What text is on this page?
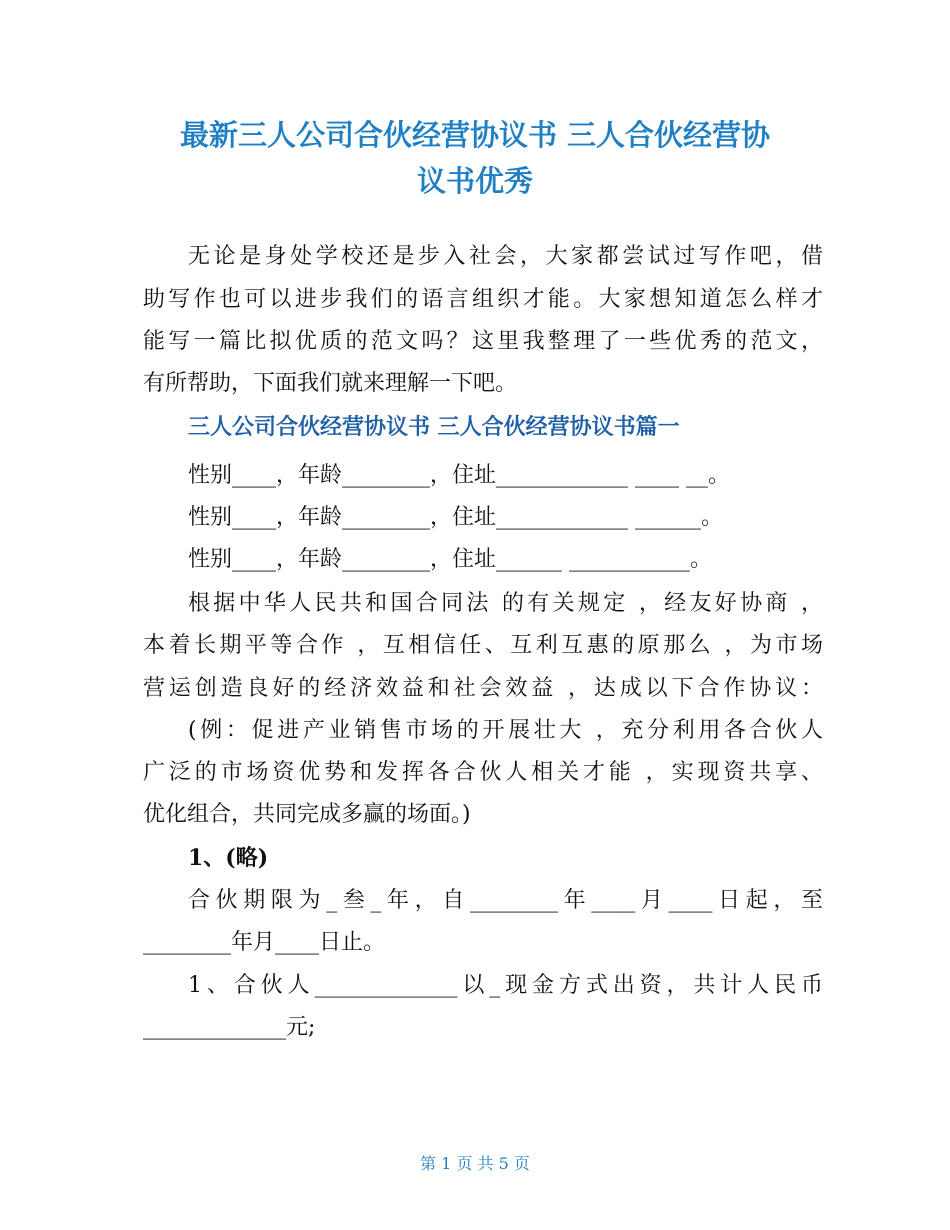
最新三人公司合伙经营协议书 三人合伙经营协
议书优秀

无论是身处学校还是步入社会，大家都尝试过写作吧，借

助写作也可以进步我们的语言组织才能。大家想知道怎么样才

能写一篇比拟优质的范文吗？这里我整理了一些优秀的范文，

有所帮助，下面我们就来理解一下吧。

三人公司合伙经营协议书 三人合伙经营协议书篇一

性别____，年龄________，住址____________ ____ __。

性别____，年龄________，住址____________ ______。

性别____，年龄________，住址______ ___________。

根据中华人民共和国合同法 的有关规定 ，经友好协商 ，

本着长期平等合作 ，互相信任、互利互惠的原那么 ，为市场

营运创造良好的经济效益和社会效益 ，达成以下合作协议：

(例：促进产业销售市场的开展壮大 ，充分利用各合伙人

广泛的市场资优势和发挥各合伙人相关才能 ，实现资共享、

优化组合，共同完成多赢的场面。)

1、(略)

合伙期限为_叁_年，自________年____月____日起，至

________年月____日止。

1、合伙人_____________以_现金方式出资，共计人民币

_____________元;

第 1 页 共 5 页
